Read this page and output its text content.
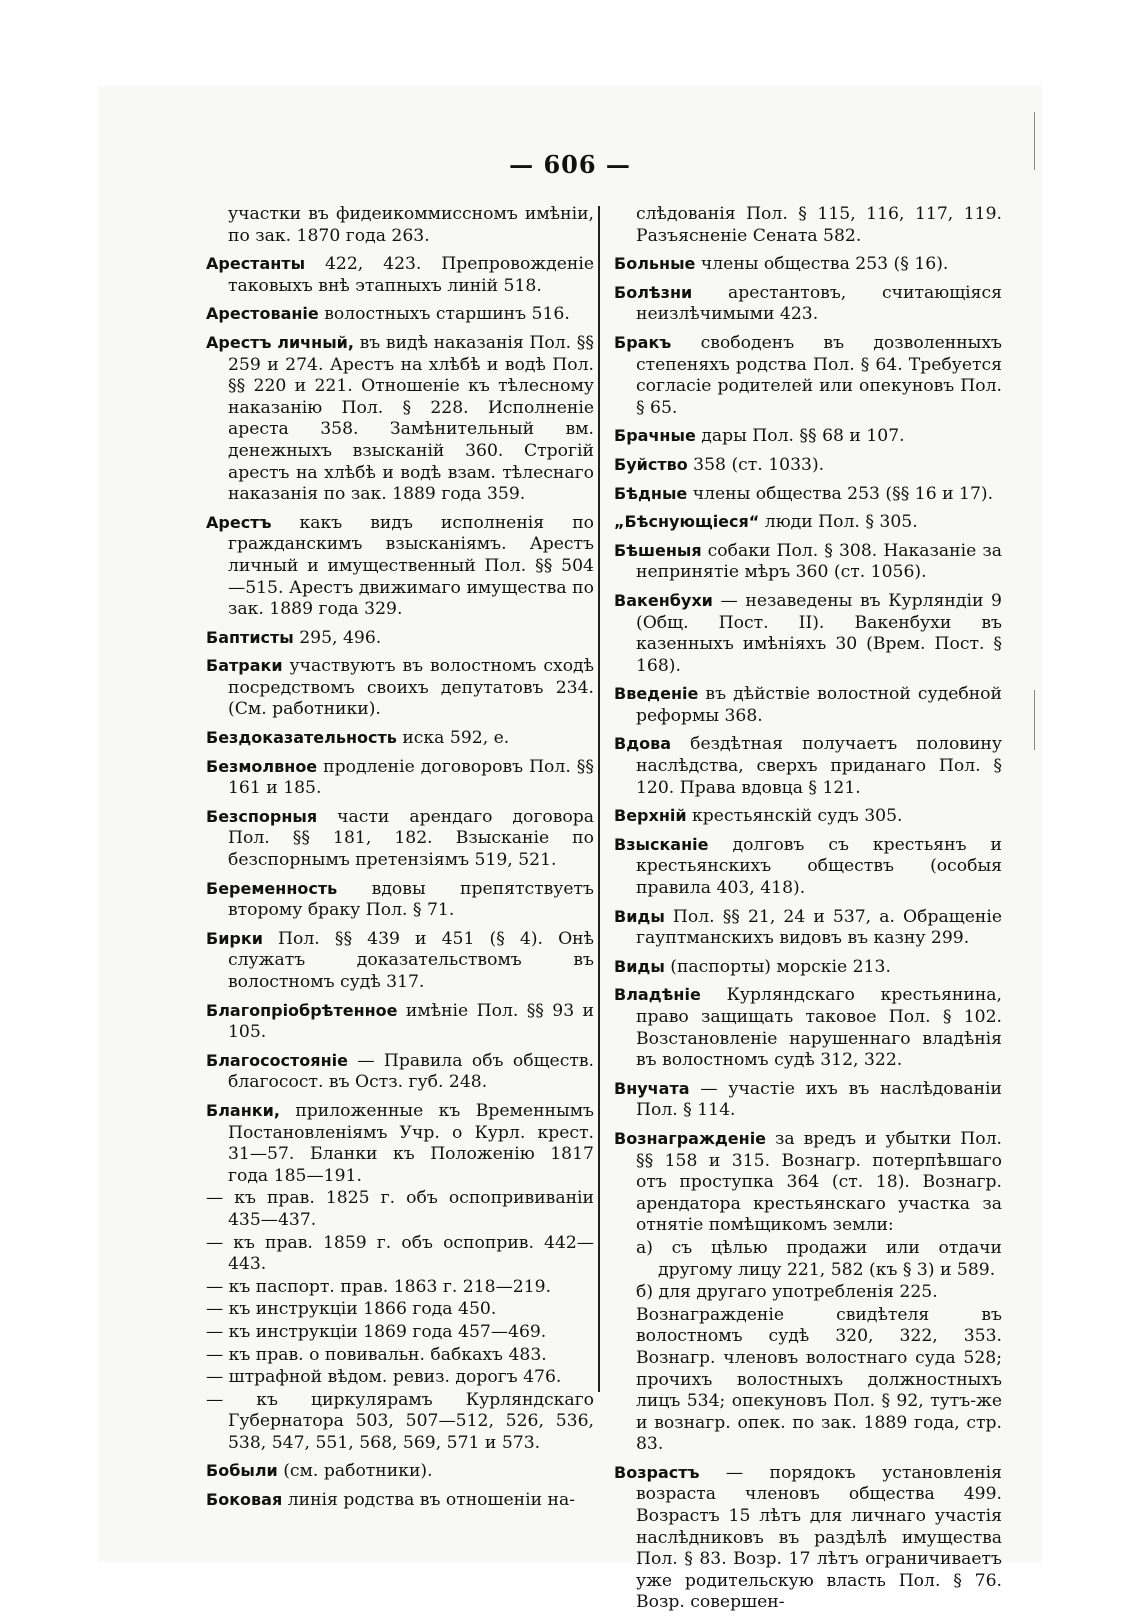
— 606 —

участки въ фидеикоммиссномъ имѣніи, по зак. 1870 года 263.

Арестанты 422, 423. Препровожденіе таковыхъ внѣ этапныхъ линій 518.

Арестованіе волостныхъ старшинъ 516.

Арестъ личный, въ видѣ наказанія Пол. §§ 259 и 274. Арестъ на хлѣбѣ и водѣ Пол. §§ 220 и 221. Отношеніе къ тѣлесному наказанію Пол. § 228. Исполненіе ареста 358. Замѣнительный вм. денежныхъ взысканій 360. Строгій арестъ на хлѣбѣ и водѣ взам. тѣлеснаго наказанія по зак. 1889 года 359.

Арестъ какъ видъ исполненія по гражданскимъ взысканіямъ. Арестъ личный и имущественный Пол. §§ 504—515. Арестъ движимаго имущества по зак. 1889 года 329.

Баптисты 295, 496.

Батраки участвуютъ въ волостномъ сходѣ посредствомъ своихъ депутатовъ 234. (См. работники).

Бездоказательность иска 592, е.

Безмолвное продленіе договоровъ Пол. §§ 161 и 185.

Безспорныя части арендаго договора Пол. §§ 181, 182. Взысканіе по безспорнымъ претензіямъ 519, 521.

Беременность вдовы препятствуетъ второму браку Пол. § 71.

Бирки Пол. §§ 439 и 451 (§ 4). Онѣ служатъ доказательствомъ въ волостномъ судѣ 317.

Благопріобрѣтенное имѣніе Пол. §§ 93 и 105.

Благосостояніе — Правила объ обществ. благосост. въ Остз. губ. 248.

Бланки, приложенные къ Временнымъ Постановленіямъ Учр. о Курл. крест. 31—57. Бланки къ Положенію 1817 года 185—191.

— къ прав. 1825 г. объ оспопрививаніи 435—437.

— къ прав. 1859 г. объ оспоприв. 442—443.

— къ паспорт. прав. 1863 г. 218—219.

— къ инструкціи 1866 года 450.

— къ инструкціи 1869 года 457—469.

— къ прав. о повивальн. бабкахъ 483.

— штрафной вѣдом. ревиз. дорогъ 476.

— къ циркулярамъ Курляндскаго Губернатора 503, 507—512, 526, 536, 538, 547, 551, 568, 569, 571 и 573.

Бобыли (см. работники).

Боковая линія родства въ отношеніи на-

слѣдованія Пол. § 115, 116, 117, 119. Разъясненіе Сената 582.

Больные члены общества 253 (§ 16).

Болѣзни арестантовъ, считающіяся неизлѣчимыми 423.

Бракъ свободенъ въ дозволенныхъ степеняхъ родства Пол. § 64. Требуется согласіе родителей или опекуновъ Пол. § 65.

Брачные дары Пол. §§ 68 и 107.

Буйство 358 (ст. 1033).

Бѣдные члены общества 253 (§§ 16 и 17).

„Бѣснующіеся“ люди Пол. § 305.

Бѣшеныя собаки Пол. § 308. Наказаніе за непринятіе мѣръ 360 (ст. 1056).

Вакенбухи — незаведены въ Курляндіи 9 (Общ. Пост. II). Вакенбухи въ казенныхъ имѣніяхъ 30 (Врем. Пост. § 168).

Введеніе въ дѣйствіе волостной судебной реформы 368.

Вдова бездѣтная получаетъ половину наслѣдства, сверхъ приданаго Пол. § 120. Права вдовца § 121.

Верхній крестьянскій судъ 305.

Взысканіе долговъ съ крестьянъ и крестьянскихъ обществъ (особыя правила 403, 418).

Виды Пол. §§ 21, 24 и 537, а. Обращеніе гауптманскихъ видовъ въ казну 299.

Виды (паспорты) морскіе 213.

Владѣніе Курляндскаго крестьянина, право защищать таковое Пол. § 102. Возстановленіе нарушеннаго владѣнія въ волостномъ судѣ 312, 322.

Внучата — участіе ихъ въ наслѣдованіи Пол. § 114.

Вознагражденіе за вредъ и убытки Пол. §§ 158 и 315. Вознагр. потерпѣвшаго отъ проступка 364 (ст. 18). Вознагр. арендатора крестьянскаго участка за отнятіе помѣщикомъ земли:

а) съ цѣлью продажи или отдачи другому лицу 221, 582 (къ § 3) и 589.

б) для другаго употребленія 225.

Вознагражденіе свидѣтеля въ волостномъ судѣ 320, 322, 353. Вознагр. членовъ волостнаго суда 528; прочихъ волостныхъ должностныхъ лицъ 534; опекуновъ Пол. § 92, тутъ-же и вознагр. опек. по зак. 1889 года, стр. 83.

Возрастъ — порядокъ установленія возраста членовъ общества 499. Возрастъ 15 лѣтъ для личнаго участія наслѣдниковъ въ раздѣлѣ имущества Пол. § 83. Возр. 17 лѣтъ ограничиваетъ уже родительскую власть Пол. § 76. Возр. совершен-
